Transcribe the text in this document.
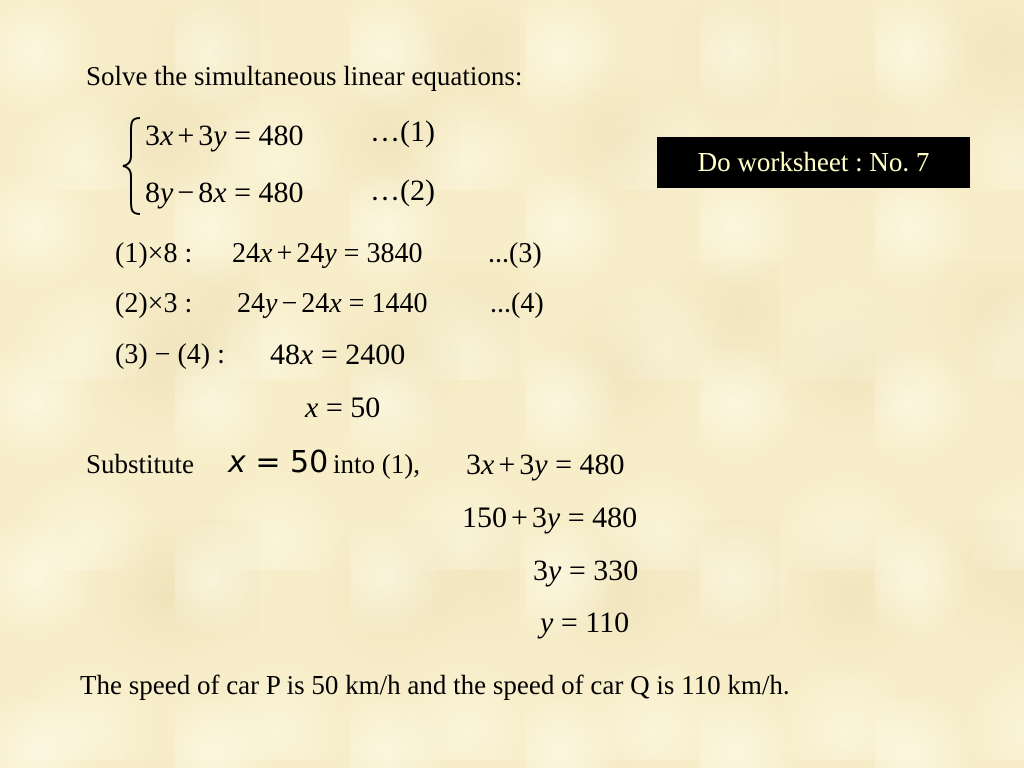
Solve the simultaneous linear equations:
3x + 3y = 480 …(1)
8y − 8x = 480 …(2)
Do worksheet : No. 7
(1)×8 : 24x + 24y = 3840 ...(3)
(2)×3 : 24y − 24x = 1440 ...(4)
(3) − (4) : 48x = 2400
x = 50
Substitute x = 50 into (1), 3x + 3y = 480
150 + 3y = 480
3y = 330
y = 110
The speed of car P is 50 km/h and the speed of car Q is 110 km/h.
